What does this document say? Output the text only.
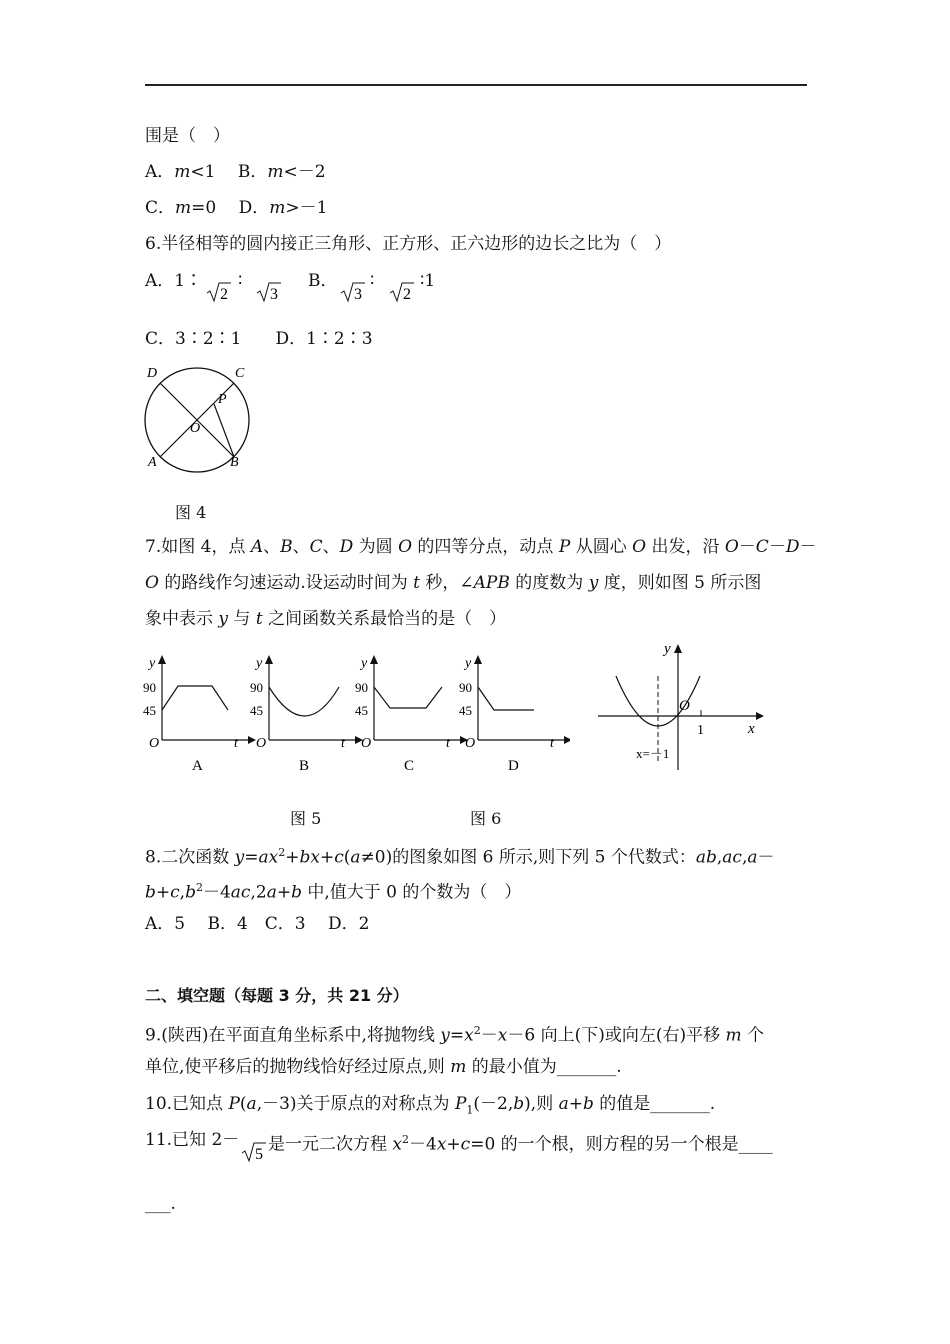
围是（　）
A．m<1　 B．m<－2
C．m=0　 D．m>－1
6.半径相等的圆内接正三角形、正方形、正六边形的边长之比为（　）
A．1∶
2
∶
3
B．
3
∶
2
∶1
C．3∶2∶1　　D．1∶2∶3
D	C
P
O
A	B
图 4
7.如图 4，点 A、B、C、D 为圆 O 的四等分点，动点 P 从圆心 O 出发，沿 O－C－D－
O 的路线作匀速运动.设运动时间为 t 秒，∠APB 的度数为 y 度，则如图 5 所示图
象中表示 y 与 t 之间函数关系最恰当的是（　）
y
90
45
O	t
A
y
90
45
O	t
B
y
90
45
O	t
C
y
90
45
O	t
D
y
x
O
1
x=－1
图 5	图 6
8.二次函数 $y=ax^2+bx+c(a\ne 0)$的图象如图 6 所示,则下列 5 个代数式：ab,ac,a－
$b+c,b^2-4ac,2a+b$ 中,值大于 0 的个数为（　）
A．5　 B．4　C．3　 D．2
二、填空题（每题 3 分，共 21 分）
9.(陕西)在平面直角坐标系中,将抛物线 $y=x^2-x-6$ 向上(下)或向左(右)平移 m 个
单位,使平移后的抛物线恰好经过原点,则 m 的最小值为_______.
10.已知点 P(a,－3)关于原点的对称点为 $P_1(-2,b)$,则 a+b 的值是_______.
11.已知 2－
5 是一元二次方程 $x^2-4x+c=0$ 的一个根，则方程的另一个根是____
___.
